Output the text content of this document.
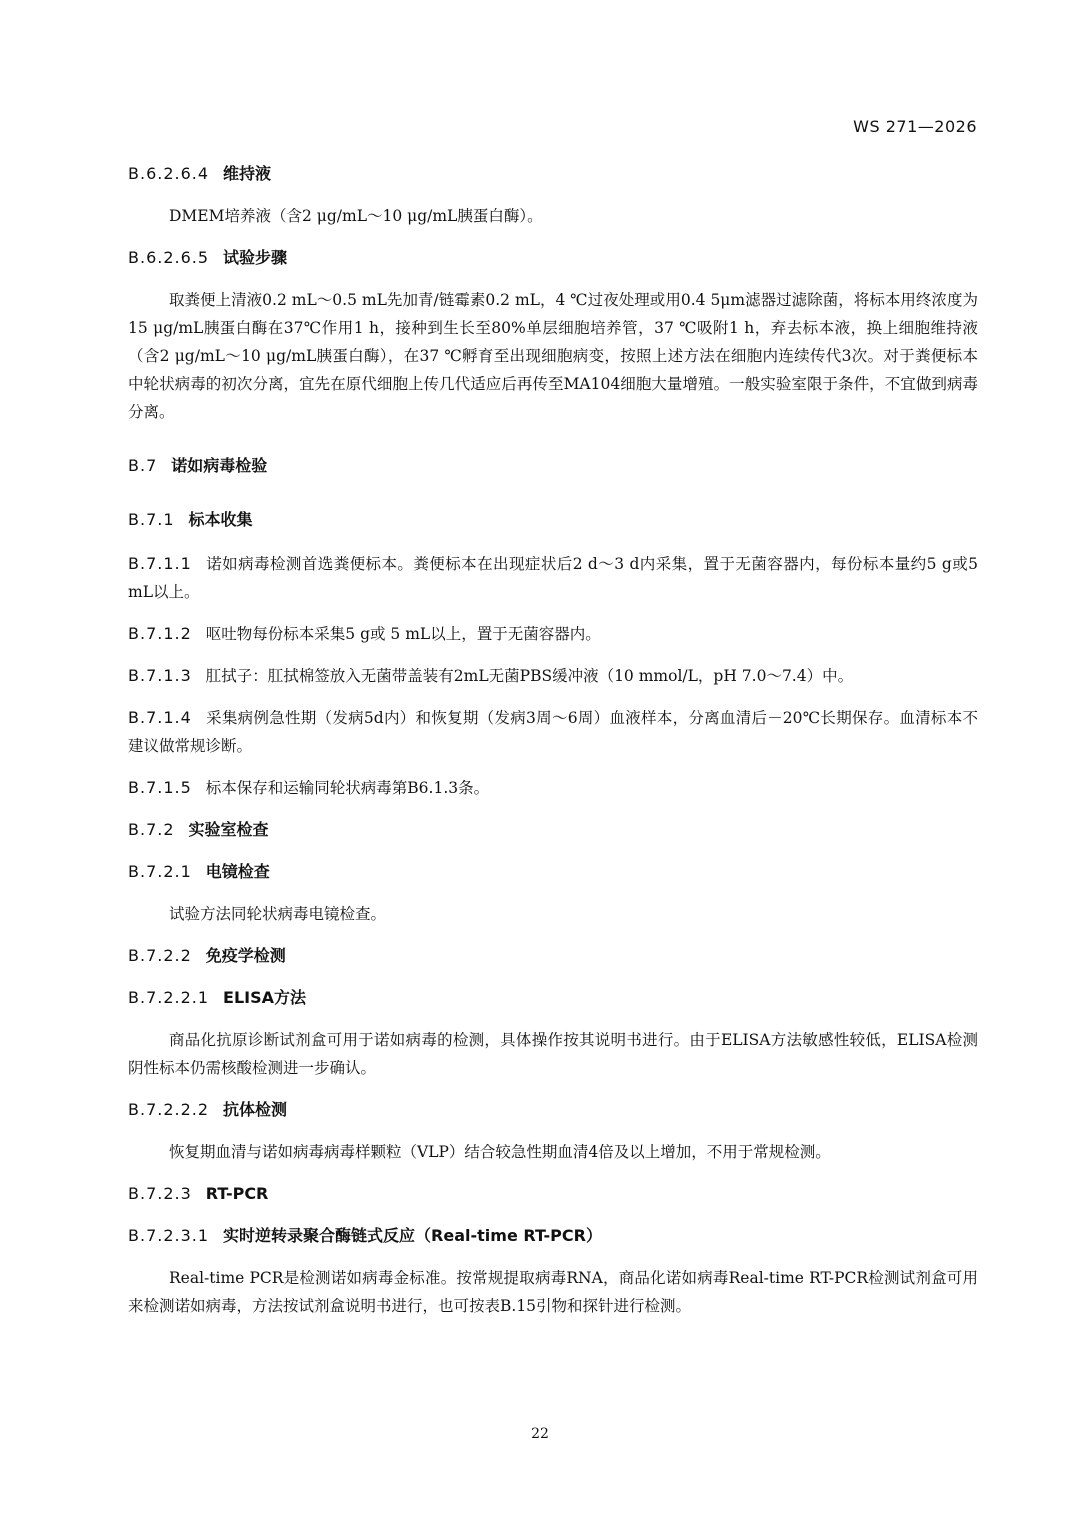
WS 271—2026
B.6.2.6.4 维持液

DMEM培养液（含2 μg/mL～10 μg/mL胰蛋白酶）。

B.6.2.6.5 试验步骤

取粪便上清液0.2 mL～0.5 mL先加青/链霉素0.2 mL，4 ℃过夜处理或用0.4 5μm滤器过滤除菌，将标本用终浓度为15 μg/mL胰蛋白酶在37℃作用1 h，接种到生长至80%单层细胞培养管，37 ℃吸附1 h，弃去标本液，换上细胞维持液（含2 μg/mL～10 μg/mL胰蛋白酶），在37 ℃孵育至出现细胞病变，按照上述方法在细胞内连续传代3次。对于粪便标本中轮状病毒的初次分离，宜先在原代细胞上传几代适应后再传至MA104细胞大量增殖。一般实验室限于条件，不宜做到病毒分离。

B.7 诺如病毒检验
B.7.1 标本收集

B.7.1.1 诺如病毒检测首选粪便标本。粪便标本在出现症状后2 d～3 d内采集，置于无菌容器内，每份标本量约5 g或5 mL以上。

B.7.1.2 呕吐物每份标本采集5 g或 5 mL以上，置于无菌容器内。

B.7.1.3 肛拭子：肛拭棉签放入无菌带盖装有2mL无菌PBS缓冲液（10 mmol/L，pH 7.0～7.4）中。

B.7.1.4 采集病例急性期（发病5d内）和恢复期（发病3周～6周）血液样本，分离血清后－20℃长期保存。血清标本不建议做常规诊断。

B.7.1.5 标本保存和运输同轮状病毒第B6.1.3条。

B.7.2 实验室检查
B.7.2.1 电镜检查

试验方法同轮状病毒电镜检查。

B.7.2.2 免疫学检测
B.7.2.2.1 ELISA方法

商品化抗原诊断试剂盒可用于诺如病毒的检测，具体操作按其说明书进行。由于ELISA方法敏感性较低，ELISA检测阴性标本仍需核酸检测进一步确认。

B.7.2.2.2 抗体检测

恢复期血清与诺如病毒病毒样颗粒（VLP）结合较急性期血清4倍及以上增加，不用于常规检测。

B.7.2.3 RT-PCR
B.7.2.3.1 实时逆转录聚合酶链式反应（Real-time RT-PCR）

Real-time PCR是检测诺如病毒金标准。按常规提取病毒RNA，商品化诺如病毒Real-time RT-PCR检测试剂盒可用来检测诺如病毒，方法按试剂盒说明书进行，也可按表B.15引物和探针进行检测。

22
